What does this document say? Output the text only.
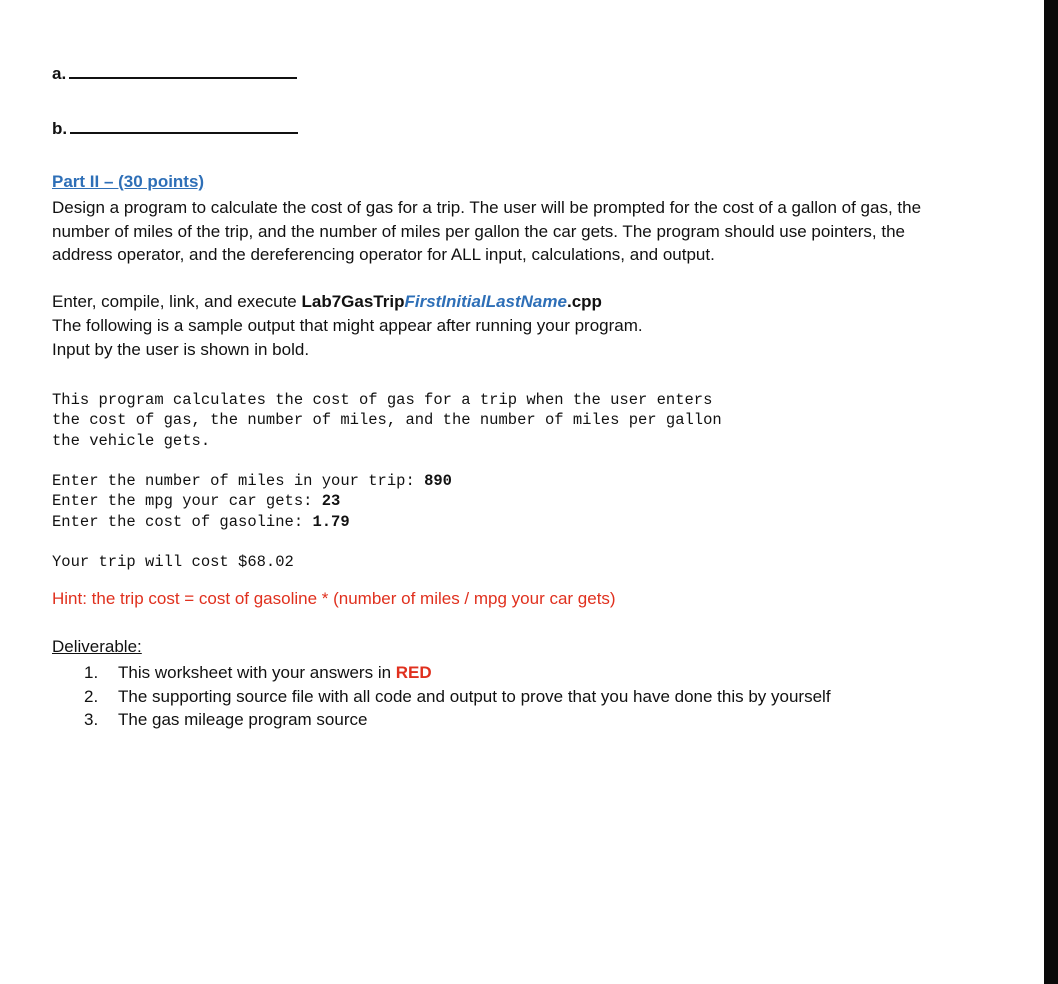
a.
b.
Part II – (30 points)
Design a program to calculate the cost of gas for a trip. The user will be prompted for the cost of a gallon of gas, the number of miles of the trip, and the number of miles per gallon the car gets. The program should use pointers, the address operator, and the dereferencing operator for ALL input, calculations, and output.
Enter, compile, link, and execute Lab7GasTripFirstInitialLastName.cpp
The following is a sample output that might appear after running your program.
Input by the user is shown in bold.
This program calculates the cost of gas for a trip when the user enters
the cost of gas, the number of miles, and the number of miles per gallon
the vehicle gets.
Enter the number of miles in your trip: 890
Enter the mpg your car gets: 23
Enter the cost of gasoline: 1.79
Your trip will cost $68.02
Hint: the trip cost = cost of gasoline * (number of miles / mpg your car gets)
Deliverable:
1.	This worksheet with your answers in RED
2.	The supporting source file with all code and output to prove that you have done this by yourself
3.	The gas mileage program source
